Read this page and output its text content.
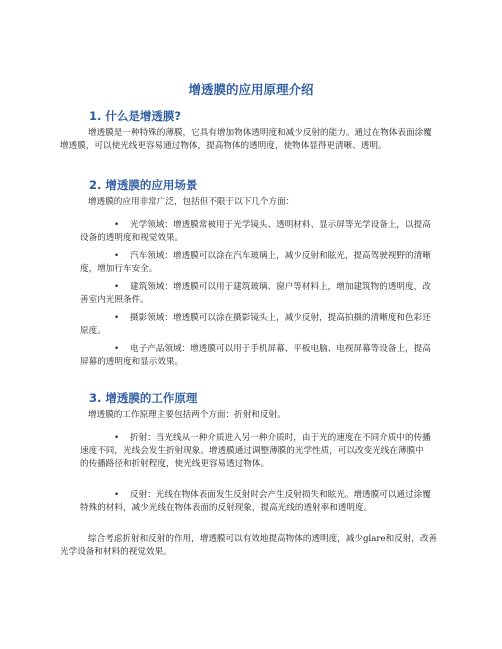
增透膜的应用原理介绍
1. 什么是增透膜?
增透膜是一种特殊的薄膜，它具有增加物体透明度和减少反射的能力。通过在物体表面涂覆增透膜，可以使光线更容易通过物体，提高物体的透明度，使物体显得更清晰、透明。
2. 增透膜的应用场景
增透膜的应用非常广泛，包括但不限于以下几个方面：
•	光学领域：增透膜常被用于光学镜头、透明材料、显示屏等光学设备上，以提高设备的透明度和视觉效果。
•	汽车领域：增透膜可以涂在汽车玻璃上，减少反射和眩光，提高驾驶视野的清晰度，增加行车安全。
•	建筑领域：增透膜可以用于建筑玻璃、窗户等材料上，增加建筑物的透明度，改善室内光照条件。
•	摄影领域：增透膜可以涂在摄影镜头上，减少反射，提高拍摄的清晰度和色彩还原度。
•	电子产品领域：增透膜可以用于手机屏幕、平板电脑、电视屏幕等设备上，提高屏幕的透明度和显示效果。
3. 增透膜的工作原理
增透膜的工作原理主要包括两个方面：折射和反射。
•	折射：当光线从一种介质进入另一种介质时，由于光的速度在不同介质中的传播速度不同，光线会发生折射现象。增透膜通过调整薄膜的光学性质，可以改变光线在薄膜中的传播路径和折射程度，使光线更容易透过物体。
•	反射：光线在物体表面发生反射时会产生反射损失和眩光。增透膜可以通过涂覆特殊的材料，减少光线在物体表面的反射现象，提高光线的透射率和透明度。
综合考虑折射和反射的作用，增透膜可以有效地提高物体的透明度，减少glare和反射，改善光学设备和材料的视觉效果。
